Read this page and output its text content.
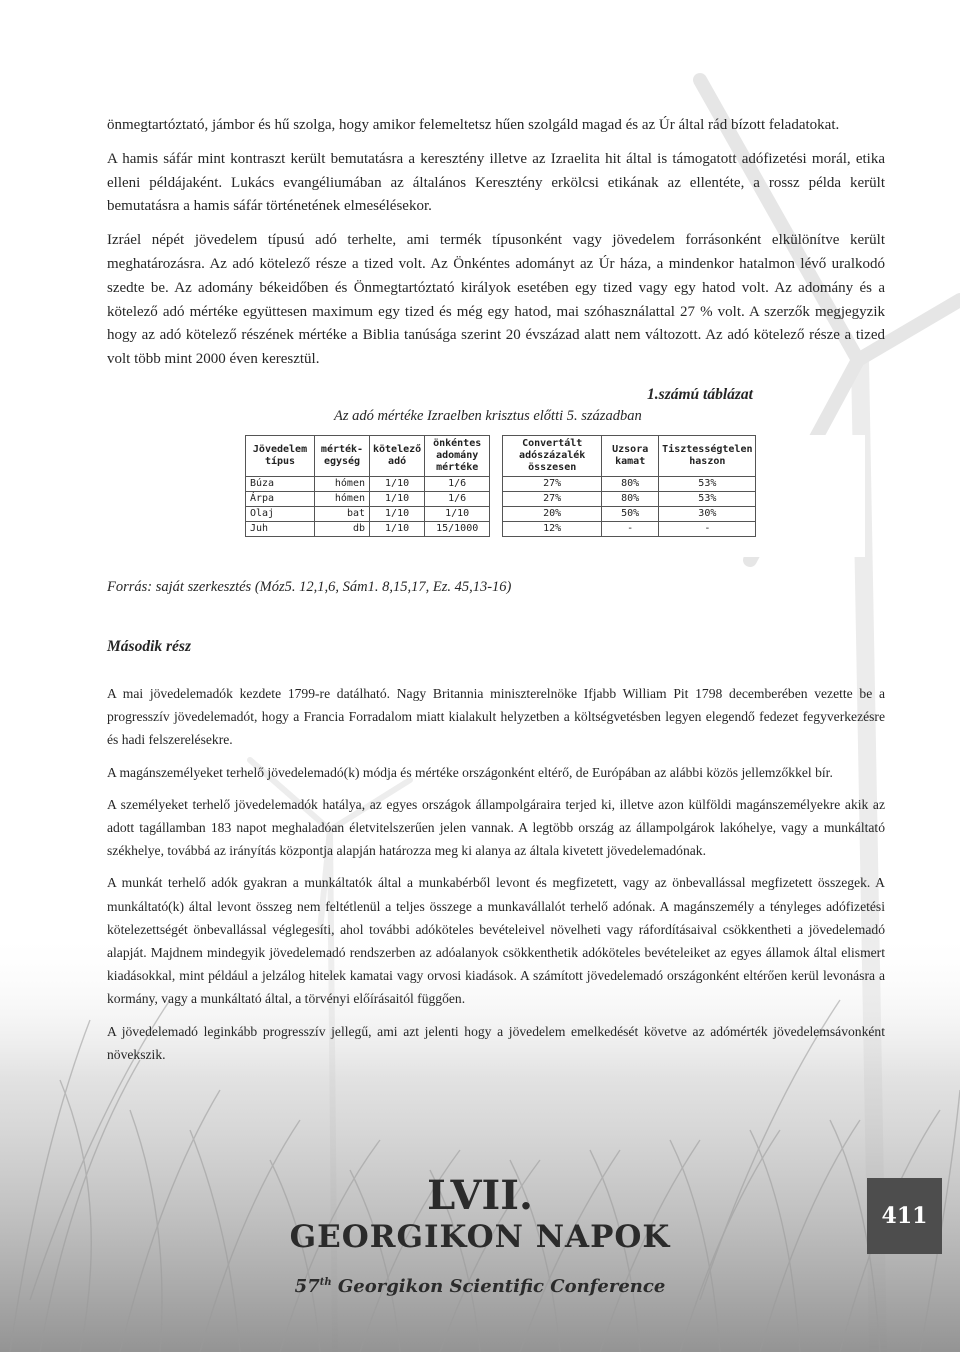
önmegtartóztató, jámbor és hű szolga, hogy amikor felemeltetsz hűen szolgáld magad és az Úr által rád bízott feladatokat.

A hamis sáfár mint kontraszt került bemutatásra a keresztény illetve az Izraelita hit által is támogatott adófizetési morál, etika elleni példájaként. Lukács evangéliumában az általános Keresztény erkölcsi etikának az ellentéte, a rossz példa került bemutatásra a hamis sáfár történetének elmesélésekor.

Izráel népét jövedelem típusú adó terhelte, ami termék típusonként vagy jövedelem forrásonként elkülönítve került meghatározásra. Az adó kötelező része a tized volt. Az Önkéntes adományt az Úr háza, a mindenkor hatalmon lévő uralkodó szedte be. Az adomány békeidőben és Önmegtartóztató királyok esetében egy tized vagy egy hatod volt. Az adomány és a kötelező adó mértéke együttesen maximum egy tized és még egy hatod, mai szóhasználattal 27 % volt. A szerzők megjegyzik hogy az adó kötelező részének mértéke a Biblia tanúsága szerint 20 évszázad alatt nem változott. Az adó kötelező része a tized volt több mint 2000 éven keresztül.

1.számú táblázat

Az adó mértéke Izraelben krisztus előtti 5. században

Jövedelem típus	mérték-egység	kötelező adó	önkéntes adomány mértéke		Convertált adószázalék összesen	Uzsora kamat	Tisztességtelen haszon
Búza	hómen	1/10	1/6		27%	80%	53%
Árpa	hómen	1/10	1/6		27%	80%	53%
Olaj	bat	1/10	1/10		20%	50%	30%
Juh	db	1/10	15/1000		12%	-	-

Forrás: saját szerkesztés (Móz5. 12,1,6, Sám1. 8,15,17, Ez. 45,13-16)

Második rész

A mai jövedelemadók kezdete 1799-re datálható. Nagy Britannia miniszterelnöke Ifjabb William Pit 1798 decemberében vezette be a progresszív jövedelemadót, hogy a Francia Forradalom miatt kialakult helyzetben a költségvetésben legyen elegendő fedezet fegyverkezésre és hadi felszerelésekre.

A magánszemélyeket terhelő jövedelemadó(k) módja és mértéke országonként eltérő, de Európában az alábbi közös jellemzőkkel bír.

A személyeket terhelő jövedelemadók hatálya, az egyes országok állampolgáraira terjed ki, illetve azon külföldi magánszemélyekre akik az adott tagállamban 183 napot meghaladóan életvitelszerűen jelen vannak. A legtöbb ország az állampolgárok lakóhelye, vagy a munkáltató székhelye, továbbá az irányítás központja alapján határozza meg ki alanya az általa kivetett jövedelemadónak.

A munkát terhelő adók gyakran a munkáltatók által a munkabérből levont és megfizetett, vagy az önbevallással megfizetett összegek. A munkáltató(k) által levont összeg nem feltétlenül a teljes összege a munkavállalót terhelő adónak. A magánszemély a tényleges adófizetési kötelezettségét önbevallással véglegesíti, ahol további adóköteles bevételeivel növelheti vagy ráfordításaival csökkentheti a jövedelemadó alapját. Majdnem mindegyik jövedelemadó rendszerben az adóalanyok csökkenthetik adóköteles bevételeiket az egyes államok által elismert kiadásokkal, mint például a jelzálog hitelek kamatai vagy orvosi kiadások. A számított jövedelemadó országonként eltérően kerül levonásra a kormány, vagy a munkáltató által, a törvényi előírásaitól függően.

A jövedelemadó leginkább progresszív jellegű, ami azt jelenti hogy a jövedelem emelkedését követve az adómérték jövedelemsávonként növekszik.

LVII.
GEORGIKON NAPOK
57th Georgikon Scientific Conference
411
